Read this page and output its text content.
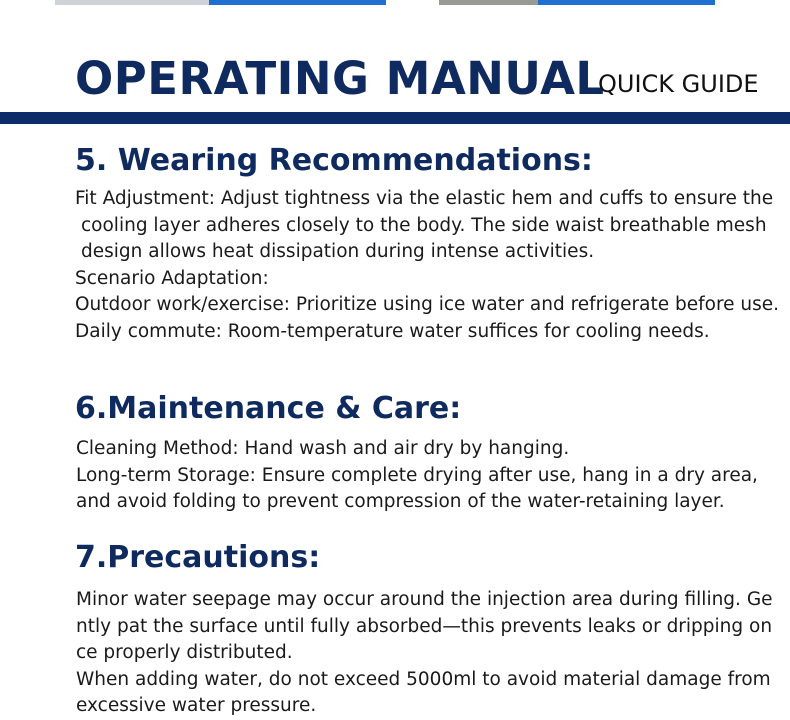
OPERATING MANUAL
QUICK GUIDE
5. Wearing Recommendations:
Fit Adjustment: Adjust tightness via the elastic hem and cuffs to ensure the
cooling layer adheres closely to the body. The side waist breathable mesh
design allows heat dissipation during intense activities.
Scenario Adaptation:
Outdoor work/exercise: Prioritize using ice water and refrigerate before use.
Daily commute: Room-temperature water suffices for cooling needs.
6.Maintenance & Care:
Cleaning Method: Hand wash and air dry by hanging.
Long-term Storage: Ensure complete drying after use, hang in a dry area,
and avoid folding to prevent compression of the water-retaining layer.
7.Precautions:
Minor water seepage may occur around the injection area during filling. Ge
ntly pat the surface until fully absorbed—this prevents leaks or dripping on
ce properly distributed.
When adding water, do not exceed 5000ml to avoid material damage from
excessive water pressure.
